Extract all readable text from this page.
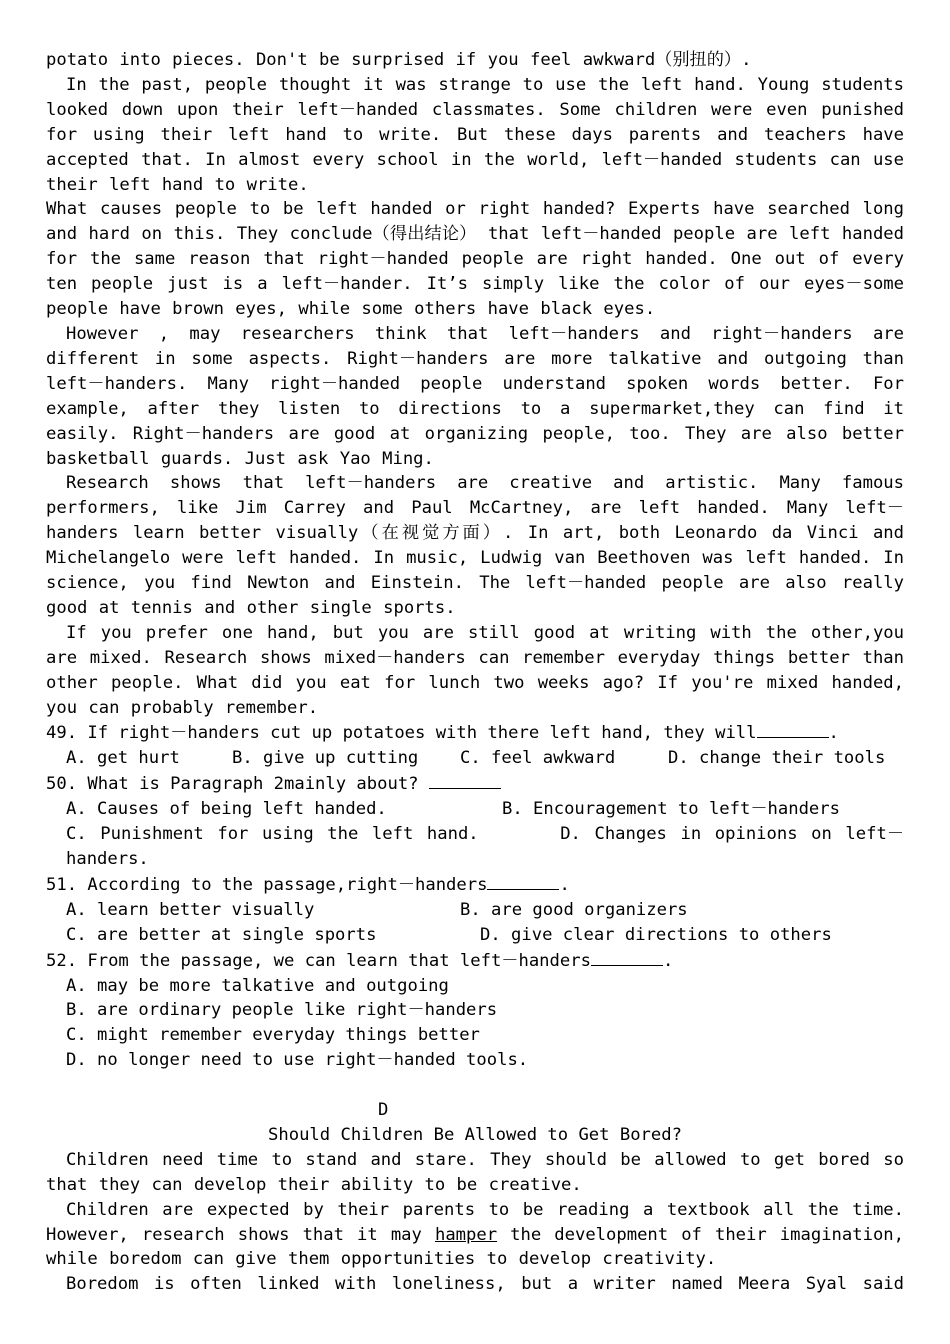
potato into pieces. Don't be surprised if you feel awkward（别扭的）.

In the past, people thought it was strange to use the left hand. Young students looked down upon their left－handed classmates. Some children were even punished for using their left hand to write. But these days parents and teachers have accepted that. In almost every school in the world, left－handed students can use their left hand to write.

What causes people to be left handed or right handed? Experts have searched long and hard on this. They conclude（得出结论） that left－handed people are left handed for the same reason that right－handed people are right handed. One out of every ten people just is a left－hander. It’s simply like the color of our eyes－some people have brown eyes, while some others have black eyes.

However , may researchers think that left－handers and right－handers are different in some aspects. Right－handers are more talkative and outgoing than left－handers. Many right－handed people understand spoken words better. For example, after they listen to directions to a supermarket,they can find it easily. Right－handers are good at organizing people, too. They are also better basketball guards. Just ask Yao Ming.

Research shows that left－handers are creative and artistic. Many famous performers, like Jim Carrey and Paul McCartney, are left handed. Many left－handers learn better visually（在视觉方面）. In art, both Leonardo da Vinci and Michelangelo were left handed. In music, Ludwig van Beethoven was left handed. In science, you find Newton and Einstein. The left－handed people are also really good at tennis and other single sports.

If you prefer one hand, but you are still good at writing with the other,you are mixed. Research shows mixed－handers can remember everyday things better than other people. What did you eat for lunch two weeks ago? If you're mixed handed, you can probably remember.

49. If right－handers cut up potatoes with there left hand, they will	.

A. get hurt	B. give up cutting	C. feel awkward	D. change their tools

50. What is Paragraph 2mainly about?

A. Causes of being left handed.	B. Encouragement to left－handers

C. Punishment for using the left hand.	D. Changes in opinions on left－handers.

51. According to the passage,right－handers	.

A. learn better visually	B. are good organizers
C. are better at single sports	D. give clear directions to others

52. From the passage, we can learn that left－handers	.

A. may be more talkative and outgoing

B. are ordinary people like right－handers

C. might remember everyday things better

D. no longer need to use right－handed tools.

D

Should Children Be Allowed to Get Bored?

Children need time to stand and stare. They should be allowed to get bored so that they can develop their ability to be creative.

Children are expected by their parents to be reading a textbook all the time. However, research shows that it may hamper the development of their imagination, while boredom can give them opportunities to develop creativity.

Boredom is often linked with loneliness, but a writer named Meera Syal said
